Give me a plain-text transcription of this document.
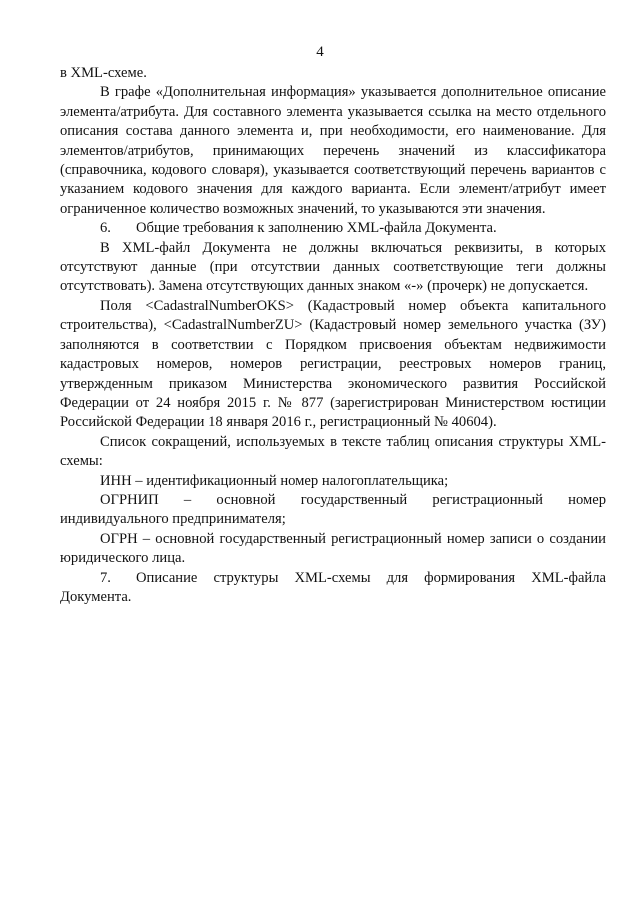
4

в XML-схеме.

В графе «Дополнительная информация» указывается дополнительное описание элемента/атрибута. Для составного элемента указывается ссылка на место отдельного описания состава данного элемента и, при необходимости, его наименование. Для элементов/атрибутов, принимающих перечень значений из классификатора (справочника, кодового словаря), указывается соответствующий перечень вариантов с указанием кодового значения для каждого варианта. Если элемент/атрибут имеет ограниченное количество возможных значений, то указываются эти значения.

6. Общие требования к заполнению XML-файла Документа.

В XML-файл Документа не должны включаться реквизиты, в которых отсутствуют данные (при отсутствии данных соответствующие теги должны отсутствовать). Замена отсутствующих данных знаком «-» (прочерк) не допускается.

Поля <CadastralNumberOKS> (Кадастровый номер объекта капитального строительства), <CadastralNumberZU> (Кадастровый номер земельного участка (ЗУ) заполняются в соответствии с Порядком присвоения объектам недвижимости кадастровых номеров, номеров регистрации, реестровых номеров границ, утвержденным приказом Министерства экономического развития Российской Федерации от 24 ноября 2015 г. № 877 (зарегистрирован Министерством юстиции Российской Федерации 18 января 2016 г., регистрационный № 40604).

Список сокращений, используемых в тексте таблиц описания структуры XML-схемы:

ИНН – идентификационный номер налогоплательщика;

ОГРНИП – основной государственный регистрационный номер индивидуального предпринимателя;

ОГРН – основной государственный регистрационный номер записи о создании юридического лица.

7. Описание структуры XML-схемы для формирования XML-файла Документа.
